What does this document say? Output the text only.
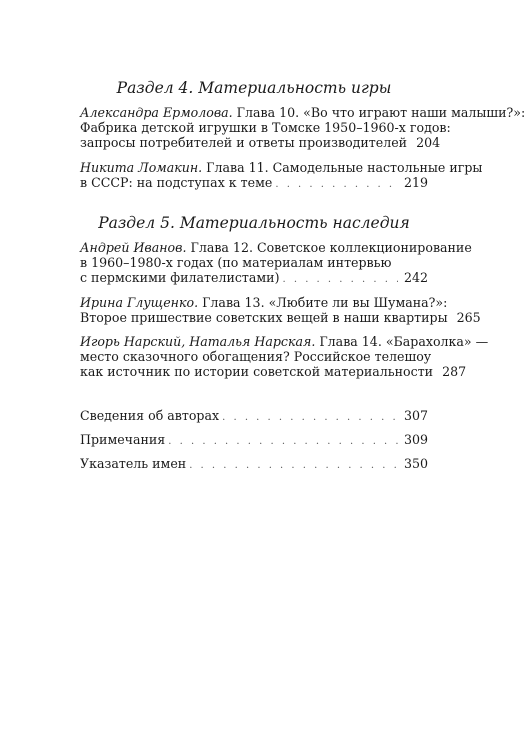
Раздел 4. Материальность игры
Александра Ермолова. Глава 10. «Во что играют наши малыши?»:
Фабрика детской игрушки в Томске 1950–1960-х годов:
запросы потребителей и ответы производителей 204
Никита Ломакин. Глава 11. Самодельные настольные игры
в СССР: на подступах к теме . . .	219
Раздел 5. Материальность наследия
Андрей Иванов. Глава 12. Советское коллекционирование
в 1960–1980-х годах (по материалам интервью
с пермскими филателистами) . . .	242
Ирина Глущенко. Глава 13. «Любите ли вы Шумана?»:
Второе пришествие советских вещей в наши квартиры 265
Игорь Нарский, Наталья Нарская. Глава 14. «Барахолка» —
место сказочного обогащения? Российское телешоу
как источник по истории советской материальности 287
Сведения об авторах . . .	307
Примечания . . .	309
Указатель имен . . .	350
